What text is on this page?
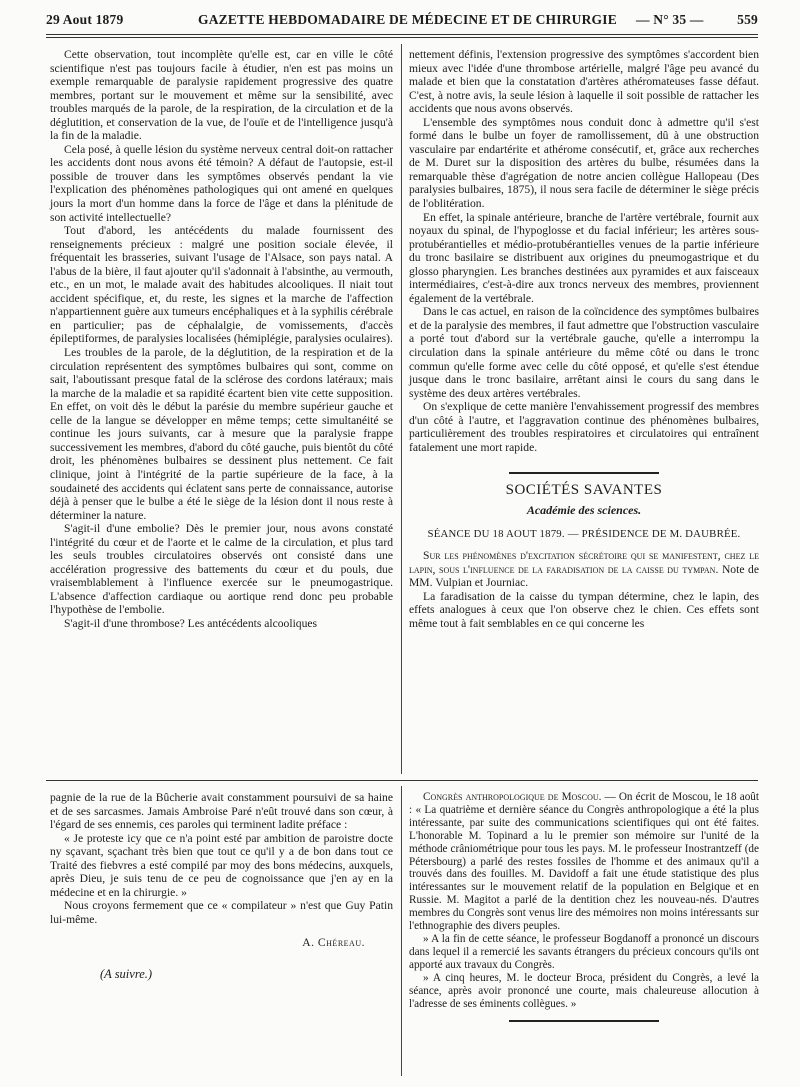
29 Aout 1879	GAZETTE HEBDOMADAIRE DE MÉDECINE ET DE CHIRURGIE — N° 35 — 559

Cette observation, tout incomplète qu'elle est, car en ville le côté scientifique n'est pas toujours facile à étudier, n'en est pas moins un exemple remarquable de paralysie rapidement progressive des quatre membres, portant sur le mouvement et même sur la sensibilité, avec troubles marqués de la parole, de la respiration, de la circulation et de la déglutition, et conservation de la vue, de l'ouïe et de l'intelligence jusqu'à la fin de la maladie.

Cela posé, à quelle lésion du système nerveux central doit-on rattacher les accidents dont nous avons été témoin? A défaut de l'autopsie, est-il possible de trouver dans les symptômes observés pendant la vie l'explication des phénomènes pathologiques qui ont amené en quelques jours la mort d'un homme dans la force de l'âge et dans la plénitude de son activité intellectuelle?

Tout d'abord, les antécédents du malade fournissent des renseignements précieux : malgré une position sociale élevée, il fréquentait les brasseries, suivant l'usage de l'Alsace, son pays natal. A l'abus de la bière, il faut ajouter qu'il s'adonnait à l'absinthe, au vermouth, etc., en un mot, le malade avait des habitudes alcooliques. Il niait tout accident spécifique, et, du reste, les signes et la marche de l'affection n'appartiennent guère aux tumeurs encéphaliques et à la syphilis cérébrale en particulier; pas de céphalalgie, de vomissements, d'accès épileptiformes, de paralysies localisées (hémiplégie, paralysies oculaires).

Les troubles de la parole, de la déglutition, de la respiration et de la circulation représentent des symptômes bulbaires qui sont, comme on sait, l'aboutissant presque fatal de la sclérose des cordons latéraux; mais la marche de la maladie et sa rapidité écartent bien vite cette supposition. En effet, on voit dès le début la parésie du membre supérieur gauche et celle de la langue se développer en même temps; cette simultanéité se continue les jours suivants, car à mesure que la paralysie frappe successivement les membres, d'abord du côté gauche, puis bientôt du côté droit, les phénomènes bulbaires se dessinent plus nettement. Ce fait clinique, joint à l'intégrité de la partie supérieure de la face, à la soudaineté des accidents qui éclatent sans perte de connaissance, autorise déjà à penser que le bulbe a été le siège de la lésion dont il nous reste à déterminer la nature.

S'agit-il d'une embolie? Dès le premier jour, nous avons constaté l'intégrité du cœur et de l'aorte et le calme de la circulation, et plus tard les seuls troubles circulatoires observés ont consisté dans une accélération progressive des battements du cœur et du pouls, due vraisemblablement à l'influence exercée sur le pneumogastrique. L'absence d'affection cardiaque ou aortique rend donc peu probable l'hypothèse de l'embolie.

S'agit-il d'une thrombose? Les antécédents alcooliques

nettement définis, l'extension progressive des symptômes s'accordent bien mieux avec l'idée d'une thrombose artérielle, malgré l'âge peu avancé du malade et bien que la constatation d'artères athéromateuses fasse défaut. C'est, à notre avis, la seule lésion à laquelle il soit possible de rattacher les accidents que nous avons observés.

L'ensemble des symptômes nous conduit donc à admettre qu'il s'est formé dans le bulbe un foyer de ramollissement, dû à une obstruction vasculaire par endartérite et athérome consécutif, et, grâce aux recherches de M. Duret sur la disposition des artères du bulbe, résumées dans la remarquable thèse d'agrégation de notre ancien collègue Hallopeau (Des paralysies bulbaires, 1875), il nous sera facile de déterminer le siège précis de l'oblitération.

En effet, la spinale antérieure, branche de l'artère vertébrale, fournit aux noyaux du spinal, de l'hypoglosse et du facial inférieur; les artères sous-protubérantielles et médio-protubérantielles venues de la partie inférieure du tronc basilaire se distribuent aux origines du pneumogastrique et du glosso pharyngien. Les branches destinées aux pyramides et aux faisceaux intermédiaires, c'est-à-dire aux troncs nerveux des membres, proviennent également de la vertébrale.

Dans le cas actuel, en raison de la coïncidence des symptômes bulbaires et de la paralysie des membres, il faut admettre que l'obstruction vasculaire a porté tout d'abord sur la vertébrale gauche, qu'elle a interrompu la circulation dans la spinale antérieure du même côté ou dans le tronc commun qu'elle forme avec celle du côté opposé, et qu'elle s'est étendue jusque dans le tronc basilaire, arrêtant ainsi le cours du sang dans le système des deux artères vertébrales.

On s'explique de cette manière l'envahissement progressif des membres d'un côté à l'autre, et l'aggravation continue des phénomènes bulbaires, particulièrement des troubles respiratoires et circulatoires qui entraînent fatalement une mort rapide.

SOCIÉTÉS SAVANTES

Académie des sciences.

SÉANCE DU 18 AOUT 1879. — PRÉSIDENCE DE M. DAUBRÉE.

Sur les phénomènes d'excitation sécrétoire qui se manifestent, chez le lapin, sous l'influence de la faradisation de la caisse du tympan. Note de MM. Vulpian et Journiac.

La faradisation de la caisse du tympan détermine, chez le lapin, des effets analogues à ceux que l'on observe chez le chien. Ces effets sont même tout à fait semblables en ce qui concerne les

pagnie de la rue de la Bûcherie avait constamment poursuivi de sa haine et de ses sarcasmes. Jamais Ambroise Paré n'eût trouvé dans son cœur, à l'égard de ses ennemis, ces paroles qui terminent ladite préface :

« Je proteste icy que ce n'a point esté par ambition de paroistre docte ny sçavant, sçachant très bien que tout ce qu'il y a de bon dans tout ce Traité des fiebvres a esté compilé par moy des bons médecins, auxquels, après Dieu, je suis tenu de ce peu de cognoissance que j'en ay en la médecine et en la chirurgie. »

Nous croyons fermement que ce « compilateur » n'est que Guy Patin lui-même.

A. Chéreau.

(A suivre.)

Congrès anthropologique de Moscou. — On écrit de Moscou, le 18 août : « La quatrième et dernière séance du Congrès anthropologique a été la plus intéressante, par suite des communications scientifiques qui ont été faites. L'honorable M. Topinard a lu le premier son mémoire sur l'unité de la méthode crâniométrique pour tous les pays. M. le professeur Inostrantzeff (de Pétersbourg) a parlé des restes fossiles de l'homme et des animaux qu'il a trouvés dans des fouilles. M. Davidoff a fait une étude statistique des plus intéressantes sur le mouvement relatif de la population en Belgique et en Russie. M. Magitot a parlé de la dentition chez les nouveau-nés. D'autres membres du Congrès sont venus lire des mémoires non moins intéressants sur l'ethnographie des divers peuples.

» A la fin de cette séance, le professeur Bogdanoff a prononcé un discours dans lequel il a remercié les savants étrangers du précieux concours qu'ils ont apporté aux travaux du Congrès.

» A cinq heures, M. le docteur Broca, président du Congrès, a levé la séance, après avoir prononcé une courte, mais chaleureuse allocution à l'adresse de ses éminents collègues. »
